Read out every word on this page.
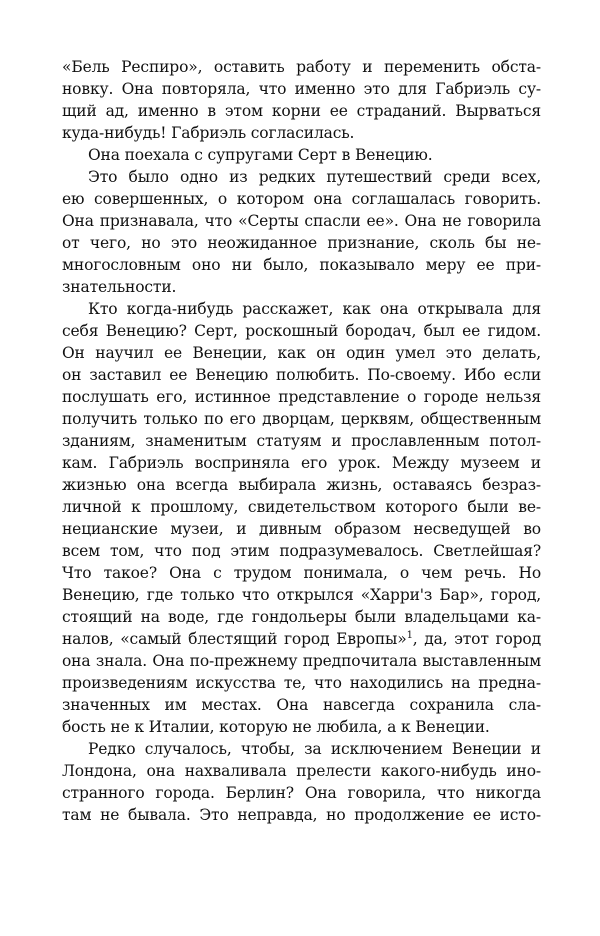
«Бель Респиро», оставить работу и переменить обста-
новку. Она повторяла, что именно это для Габриэль су-
щий ад, именно в этом корни ее страданий. Вырваться
куда-нибудь! Габриэль согласилась.
Она поехала с супругами Серт в Венецию.
Это было одно из редких путешествий среди всех,
ею совершенных, о котором она соглашалась говорить.
Она признавала, что «Серты спасли ее». Она не говорила
от чего, но это неожиданное признание, сколь бы не-
многословным оно ни было, показывало меру ее при-
знательности.
Кто когда-нибудь расскажет, как она открывала для
себя Венецию? Серт, роскошный бородач, был ее гидом.
Он научил ее Венеции, как он один умел это делать,
он заставил ее Венецию полюбить. По-своему. Ибо если
послушать его, истинное представление о городе нельзя
получить только по его дворцам, церквям, общественным
зданиям, знаменитым статуям и прославленным потол-
кам. Габриэль восприняла его урок. Между музеем и
жизнью она всегда выбирала жизнь, оставаясь безраз-
личной к прошлому, свидетельством которого были ве-
нецианские музеи, и дивным образом несведущей во
всем том, что под этим подразумевалось. Светлейшая?
Что такое? Она с трудом понимала, о чем речь. Но
Венецию, где только что открылся «Харри'з Бар», город,
стоящий на воде, где гондольеры были владельцами ка-
налов, «самый блестящий город Европы»$^1$, да, этот город
она знала. Она по-прежнему предпочитала выставленным
произведениям искусства те, что находились на предна-
значенных им местах. Она навсегда сохранила сла-
бость не к Италии, которую не любила, а к Венеции.
Редко случалось, чтобы, за исключением Венеции и
Лондона, она нахваливала прелести какого-нибудь ино-
странного города. Берлин? Она говорила, что никогда
там не бывала. Это неправда, но продолжение ее исто-
